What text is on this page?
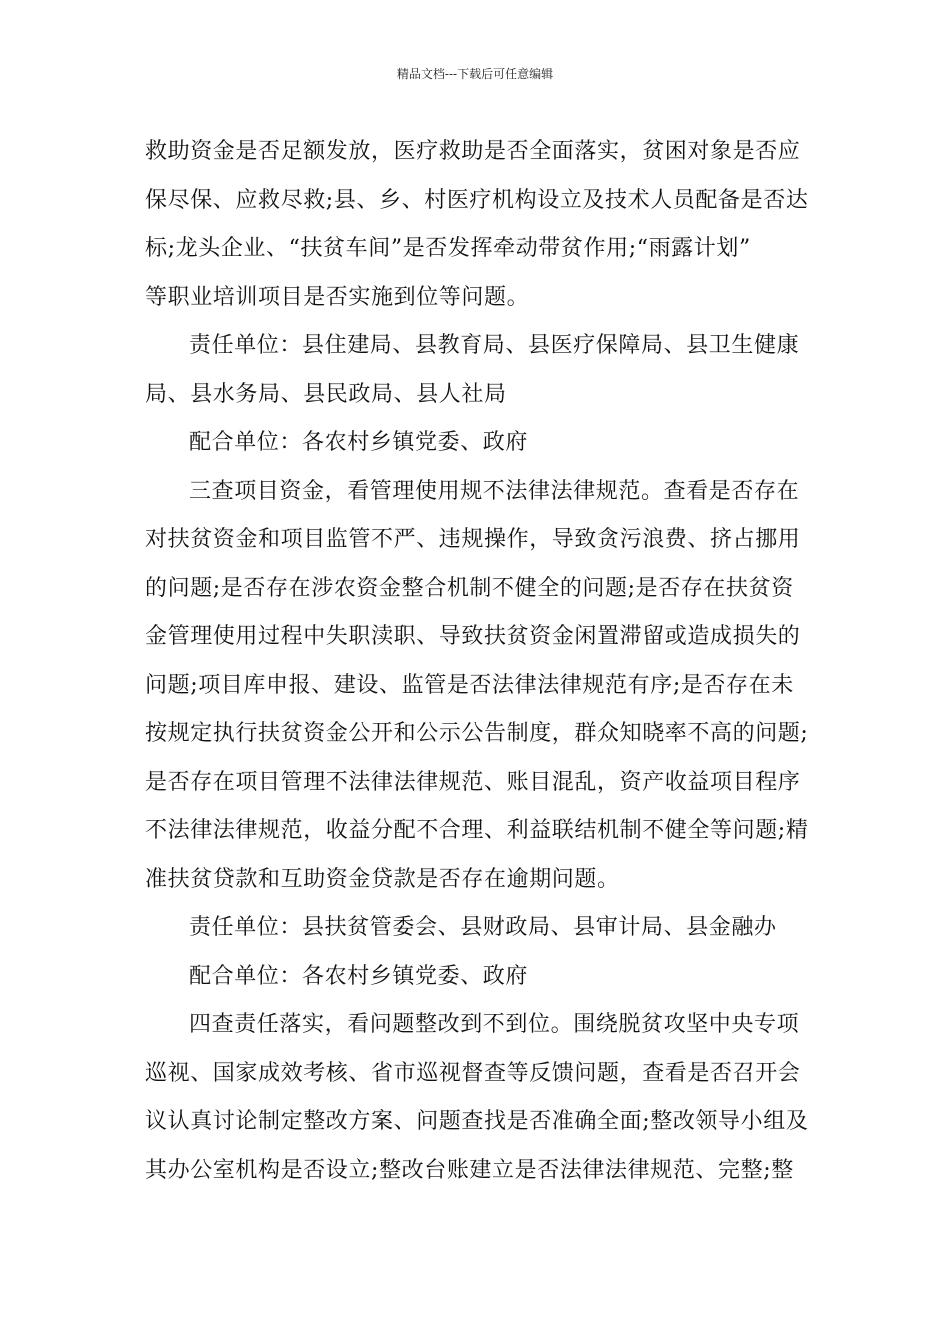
精品文档---下载后可任意编辑

救助资金是否足额发放，医疗救助是否全面落实，贫困对象是否应
保尽保、应救尽救;县、乡、村医疗机构设立及技术人员配备是否达
标;龙头企业、“扶贫车间”是否发挥牵动带贫作用;“雨露计划”
等职业培训项目是否实施到位等问题。

责任单位：县住建局、县教育局、县医疗保障局、县卫生健康
局、县水务局、县民政局、县人社局

配合单位：各农村乡镇党委、政府

三查项目资金，看管理使用规不法律法律规范。查看是否存在
对扶贫资金和项目监管不严、违规操作，导致贪污浪费、挤占挪用
的问题;是否存在涉农资金整合机制不健全的问题;是否存在扶贫资
金管理使用过程中失职渎职、导致扶贫资金闲置滞留或造成损失的
问题;项目库申报、建设、监管是否法律法律规范有序;是否存在未
按规定执行扶贫资金公开和公示公告制度，群众知晓率不高的问题;
是否存在项目管理不法律法律规范、账目混乱，资产收益项目程序
不法律法律规范，收益分配不合理、利益联结机制不健全等问题;精
准扶贫贷款和互助资金贷款是否存在逾期问题。

责任单位：县扶贫管委会、县财政局、县审计局、县金融办

配合单位：各农村乡镇党委、政府

四查责任落实，看问题整改到不到位。围绕脱贫攻坚中央专项
巡视、国家成效考核、省市巡视督查等反馈问题，查看是否召开会
议认真讨论制定整改方案、问题查找是否准确全面;整改领导小组及
其办公室机构是否设立;整改台账建立是否法律法律规范、完整;整
